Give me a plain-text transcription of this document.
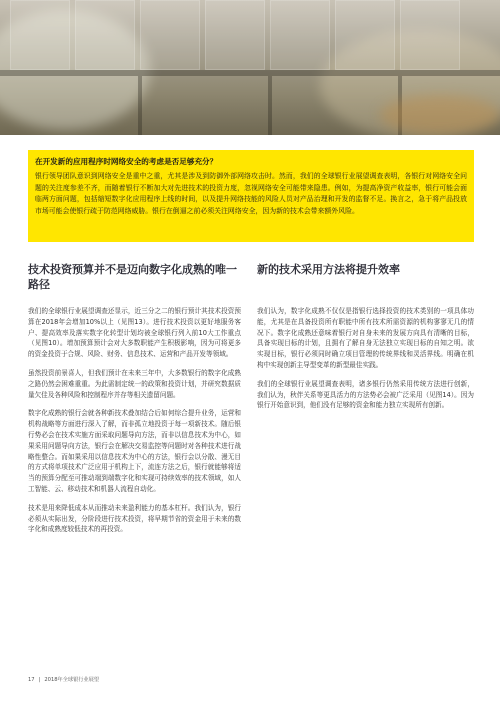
在开发新的应用程序时网络安全的考虑是否足够充分？

银行领导团队意识到网络安全是重中之重，尤其是涉及到防御外部网络攻击时。然而，我们的全球银行业展望调查表明，各银行对网络安全问题的关注度参差不齐，而随着银行不断加大对先进技术的投资力度，忽视网络安全可能带来隐患。例如，为提高净资产收益率，银行可能会面临两方面问题，包括缩短数字化应用程序上线的时间，以及提升网络技能的风险人员对产品治理和开发的监督不足。换言之，急于将产品投放市场可能会使银行疏于防范网络威胁。银行在倒逼之前必须关注网络安全，因为新的技术会带来额外风险。

技术投资预算并不是迈向数字化成熟的唯一路径

我们的全球银行业展望调查还显示，近三分之二的银行预计其技术投资预算在2018年会增加10%以上（见图13）。进行技术投资以更好地服务客户、提高效率及落实数字化转型计划均被全球银行列入前10大工作重点（见图10）。增加预算预计会对大多数职能产生积极影响，因为可将更多的资金投资于合规、风险、财务、信息技术、运营和产品开发等领域。

虽然投资前景喜人，但我们预计在未来三年中，大多数银行的数字化成熟之路仍然会困难重重。为此需制定统一的政策和投资计划，并研究数据质量欠佳及各种风险和控制程序并存等相关遗留问题。

数字化成熟的银行会就各种新技术叠加结合后如何综合提升业务，运营和机构战略等方面进行深入了解，而非孤立地投资于每一项新技术。随后银行势必会在技术实施方面采取问题导向方法，而非以信息技术为中心，如果采用问题导向方法，银行会在解决交易监控等问题时对各种技术进行战略性整合。而如果采用以信息技术为中心的方法，银行会以分散、漫无目的方式将单项技术广泛应用于机构上下，流连方法之后，银行就能够将适当的预算分配至可推动端到端数字化和实现可持续效率的技术领域，如人工智能、云、移动技术和机器人流程自动化。

技术是用来降低成本从而推动未来盈利能力的基本杠杆。我们认为，银行必须从实际出发，分阶段进行技术投资，将早期节省的资金用于未来的数字化和成熟度较低技术的再投资。

新的技术采用方法将提升效率

我们认为，数字化成熟不仅仅是指银行选择投资的技术类别的一项具体功能，尤其是在具备投资所有职能中所有技术所需资源的机构寥寥无几的情况下。数字化成熟还意味着银行对自身未来的发展方向具有清晰的目标，具备实现目标的计划，且拥有了解自身无法独立实现目标的自知之明。欲实现目标，银行必须同时确立项目管理的传统界线和灵活界线。明确在机构中实现创新主导型变革的新型最佳实践。

我们的全球银行业展望调查表明，诸多银行仍然采用传统方法进行创新，我们认为，秋伴关系等更具活力的方法势必会被广泛采用（见图14）。因为银行开始意识到，他们没有足够的资金和能力独立实现所有创新。

17 | 2018年全球银行业展望
